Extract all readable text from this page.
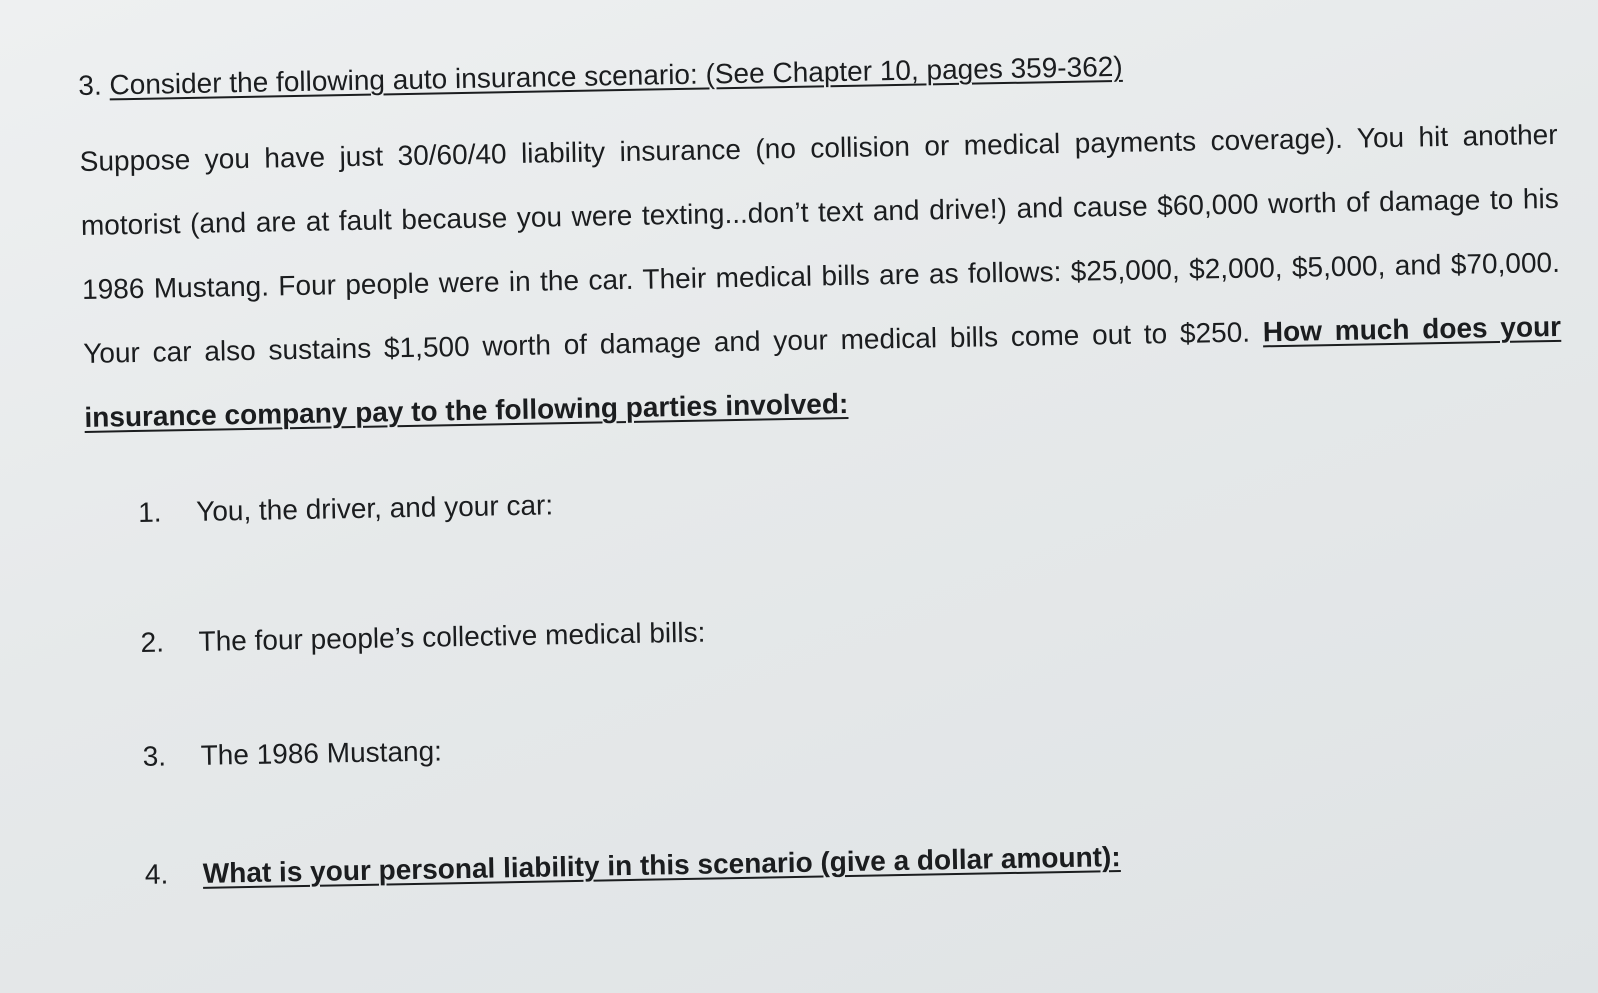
3. Consider the following auto insurance scenario: (See Chapter 10, pages 359-362)

Suppose you have just 30/60/40 liability insurance (no collision or medical payments coverage). You hit another motorist (and are at fault because you were texting...don’t text and drive!) and cause $60,000 worth of damage to his 1986 Mustang. Four people were in the car. Their medical bills are as follows: $25,000, $2,000, $5,000, and $70,000. Your car also sustains $1,500 worth of damage and your medical bills come out to $250. How much does your insurance company pay to the following parties involved:

1.	You, the driver, and your car:
2.	The four people’s collective medical bills:
3.	The 1986 Mustang:
4.	What is your personal liability in this scenario (give a dollar amount):
